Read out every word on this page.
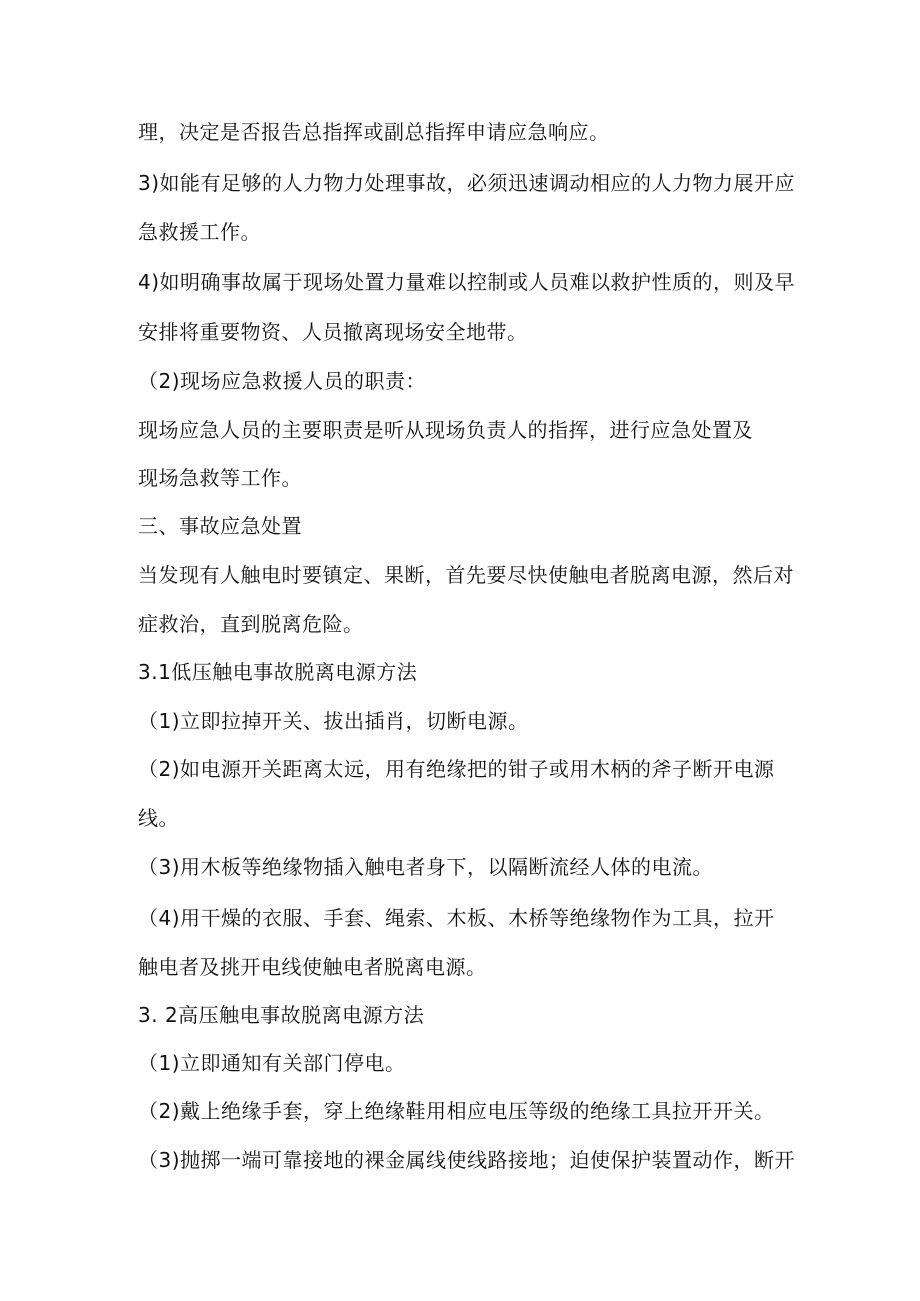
理，决定是否报告总指挥或副总指挥申请应急响应。
3)如能有足够的人力物力处理事故，必须迅速调动相应的人力物力展开应
急救援工作。
4)如明确事故属于现场处置力量难以控制或人员难以救护性质的，则及早
安排将重要物资、人员撤离现场安全地带。
（2)现场应急救援人员的职责：
现场应急人员的主要职责是听从现场负责人的指挥，进行应急处置及
现场急救等工作。
三、事故应急处置
当发现有人触电时要镇定、果断，首先要尽快使触电者脱离电源，然后对
症救治，直到脱离危险。
3.1低压触电事故脱离电源方法
（1)立即拉掉开关、拔出插肖，切断电源。
（2)如电源开关距离太远，用有绝缘把的钳子或用木柄的斧子断开电源
线。
（3)用木板等绝缘物插入触电者身下，以隔断流经人体的电流。
（4)用干燥的衣服、手套、绳索、木板、木桥等绝缘物作为工具，拉开
触电者及挑开电线使触电者脱离电源。
3. 2高压触电事故脱离电源方法
（1)立即通知有关部门停电。
（2)戴上绝缘手套，穿上绝缘鞋用相应电压等级的绝缘工具拉开开关。
（3)抛掷一端可靠接地的裸金属线使线路接地；迫使保护装置动作，断开
